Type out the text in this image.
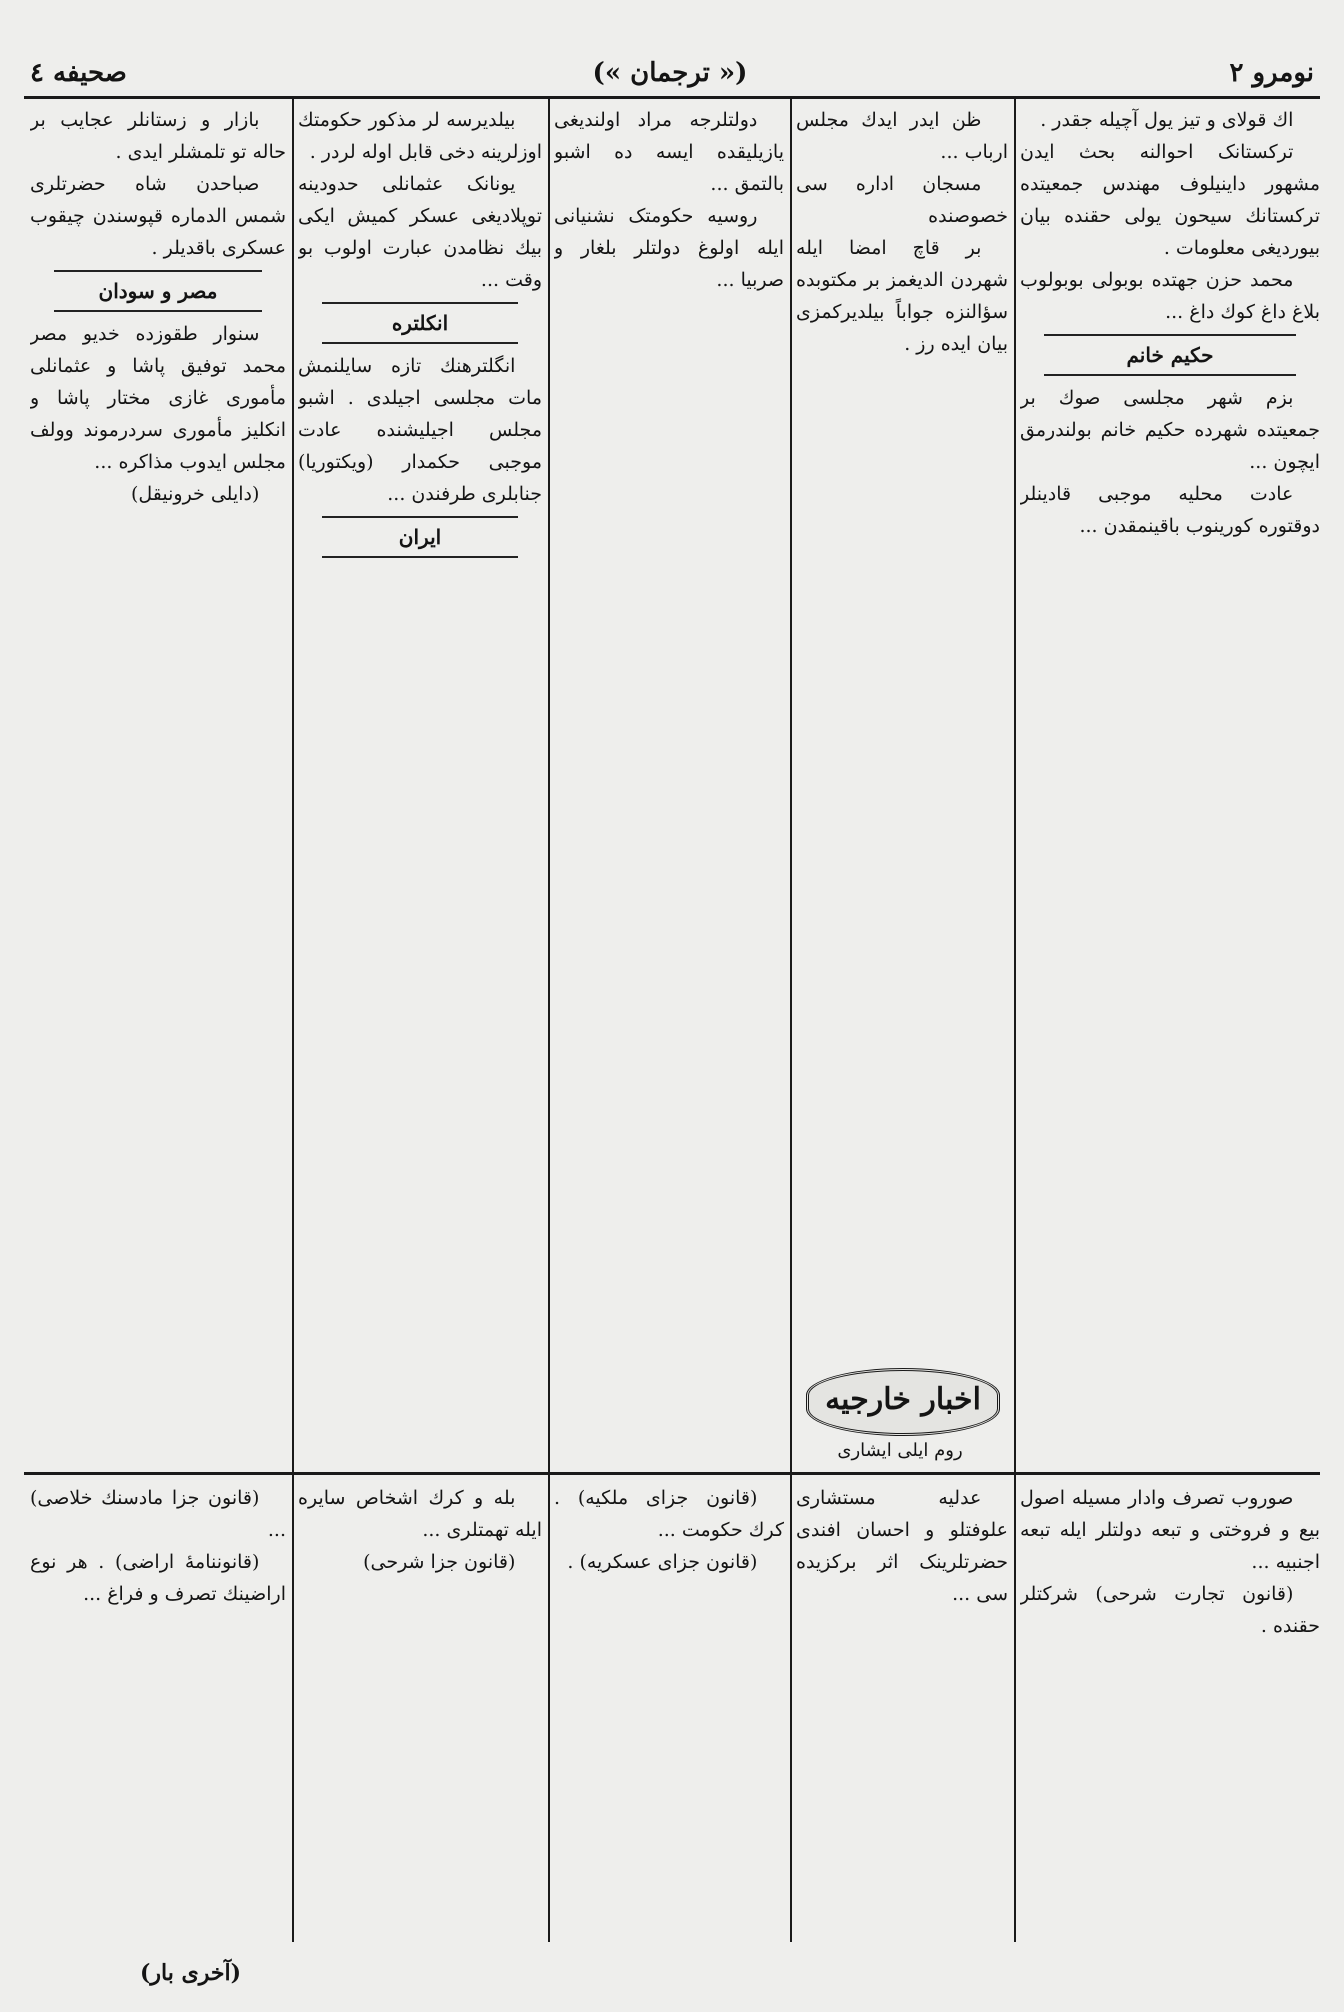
صحیفه ٤	(« ترجمان »)	نومرو ٢
اك قولای و تیز یول آچیله جقدر .
ترکستانک احوالنه بحث ایدن مشهور داینیلوف مهندس جمعیتده ترکستانك سیحون یولی حقنده بیان بیوردیغی معلومات .
محمد حزن جهتده بوبولی بوبولوب بلاغ داغ کوك داغ ...
حکیم خانم
بزم شهر مجلسی صوك بر جمعیتده شهرده حکیم خانم بولندرمق ایچون ...
عادت محلیه موجبی قادینلر دوقتوره کورینوب باقینمقدن ...
ظن ایدر ایدك مجلس ارباب ...
مسجان اداره سی خصوصنده
بر قاچ امضا ایله شهردن الدیغمز بر مکتوبده سؤالنزه جواباً بیلدیرکمزی بیان ایده رز .
دولتلرجه مراد اولندیغی یازیلیقده ایسه ده اشبو بالتمق ...
روسیه حکومتک نشنیانی ایله اولوغ دولتلر بلغار و صربیا ...
بیلدیرسه لر مذکور حکومتك اوزلرینه دخی قابل اوله لردر .
یونانک عثمانلی حدودینه توپلادیغی عسکر کمیش ایکی بیك نظامدن عبارت اولوب بو وقت ...
انکلتره
انگلترهنك تازه سایلنمش مات مجلسی اجیلدی . اشبو مجلس اجیلیشنده عادت موجبی حکمدار (ویکتوریا) جنابلری طرفندن ...
ایران
بازار و زستانلر عجایب بر حاله تو تلمشلر ایدی .
صباحدن شاه حضرتلری شمس الدماره قپوسندن چیقوب عسکری باقدیلر .
مصر و سودان
سنوار طقوزده خدیو مصر محمد توفیق پاشا و عثمانلی مأموری غازی مختار پاشا و انکلیز مأموری سردرموند وولف مجلس ایدوب مذاکره ...
(دایلی خرونیقل)
اخبار خارجیه
روم ایلی ایشاری
صوروب تصرف وادار مسیله اصول بیع و فروختی و تبعه دولتلر ایله تبعه اجنبیه ...
(قانون تجارت شرحی) شرکتلر حقنده .
عدلیه مستشاری علوفتلو و احسان افندی حضرتلرینک اثر برکزیده سی ...
(قانون جزای ملکیه) . کرك حکومت ...
(قانون جزای عسکریه) .
بله و کرك اشخاص سایره ایله تهمتلری ...
(قانون جزا شرحی)
(قانون جزا مادسنك خلاصی) ...
(قانوننامهٔ اراضی) . هر نوع اراضینك تصرف و فراغ ...
(آخری بار)
